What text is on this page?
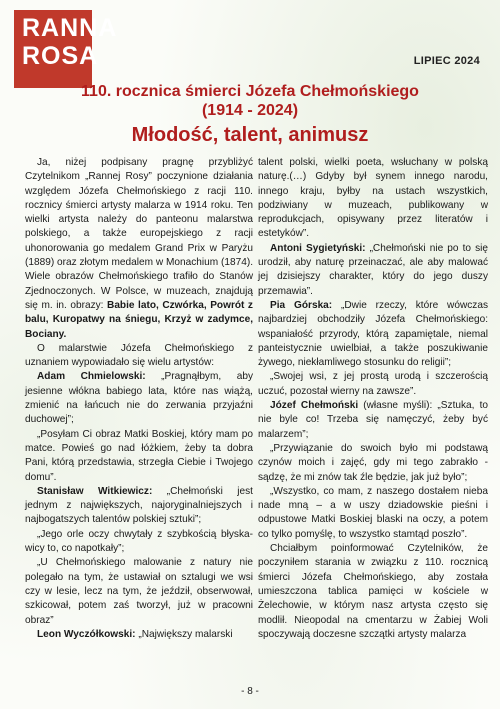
RANNA
ROSA	LIPIEC 2024
110. rocznica śmierci Józefa Chełmońskiego
(1914 - 2024)
Młodość, talent, animusz

Ja, niżej podpisany pragnę przybliżyć Czytelnikom „Rannej Rosy” poczynione działania względem Józefa Chełmońskiego z racji 110. rocznicy śmierci artysty malarza w 1914 roku. Ten wielki artysta należy do panteonu malarstwa polskiego, a także europejskiego z racji uhonorowania go medalem Grand Prix w Paryżu (1889) oraz złotym medalem w Monachium (1874). Wiele obrazów Chełmońskiego trafiło do Stanów Zjednoczonych. W Polsce, w muzeach, znajdują się m. in. obrazy: Babie lato, Czwórka, Powrót z balu, Kuropatwy na śniegu, Krzyż w zadymce, Bociany.

O malarstwie Józefa Chełmońskiego z uznaniem wypowiadało się wielu artystów:

Adam Chmielowski: „Pragnąłbym, aby jesienne włókna babiego lata, które nas wiążą, zmienić na łańcuch nie do zerwania przyjaźni duchowej”;

„Posyłam Ci obraz Matki Boskiej, który mam po matce. Powieś go nad łóżkiem, żeby ta dobra Pani, którą przedstawia, strzegła Ciebie i Twojego domu”.

Stanisław Witkiewicz: „Chełmoński jest jednym z największych, najoryginalniejszych i najbogatszych talentów polskiej sztuki”;

„Jego orle oczy chwytały z szybkością błyska-wicy to, co napotkały”;

„U Chełmońskiego malowanie z natury nie polegało na tym, że ustawiał on sztalugi we wsi czy w lesie, lecz na tym, że jeździł, obserwował, szkicował, potem zaś tworzył, już w pracowni obraz”

Leon Wyczółkowski: „Największy malarski

talent polski, wielki poeta, wsłuchany w polską naturę.(…) Gdyby był synem innego narodu, innego kraju, byłby na ustach wszystkich, podziwiany w muzeach, publikowany w reprodukcjach, opisywany przez literatów i estetyków”.

Antoni Sygietyński: „Chełmoński nie po to się urodził, aby naturę przeinaczać, ale aby malować jej dzisiejszy charakter, który do jego duszy przemawia”.

Pia Górska: „Dwie rzeczy, które wówczas najbardziej obchodziły Józefa Chełmońskiego: wspaniałość przyrody, którą zapamiętale, niemal panteistycznie uwielbiał, a także poszukiwanie żywego, niekłamliwego stosunku do religii”;

„Swojej wsi, z jej prostą urodą i szczerością uczuć, pozostał wierny na zawsze”.

Józef Chełmoński (własne myśli): „Sztuka, to nie byle co! Trzeba się namęczyć, żeby być malarzem”;

„Przywiązanie do swoich było mi podstawą czynów moich i zajęć, gdy mi tego zabrakło - sądzę, że mi znów tak źle będzie, jak już było”;

„Wszystko, co mam, z naszego dostałem nieba nade mną – a w uszy dziadowskie pieśni i odpustowe Matki Boskiej blaski na oczy, a potem co tylko pomyślę, to wszystko stamtąd poszło”.

Chciałbym poinformować Czytelników, że poczyniłem starania w związku z 110. rocznicą śmierci Józefa Chełmońskiego, aby została umieszczona tablica pamięci w kościele w Żelechowie, w którym nasz artysta często się modlił. Nieopodal na cmentarzu w Żabiej Woli spoczywają doczesne szczątki artysty malarza

- 8 -
